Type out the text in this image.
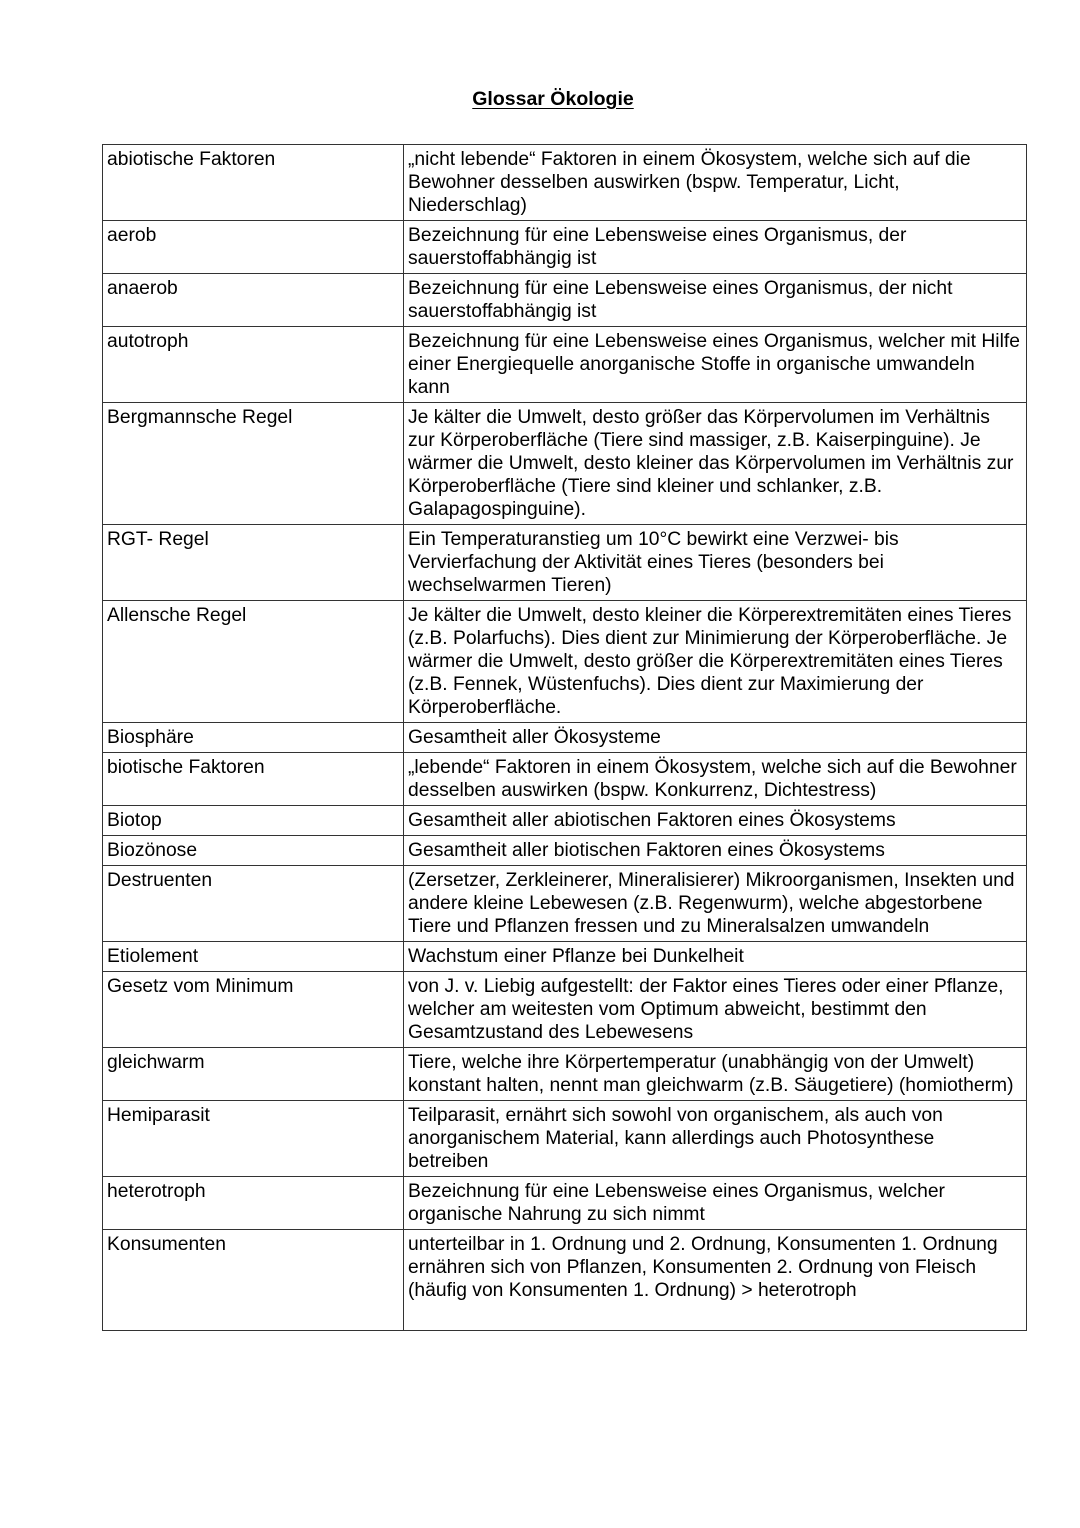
Glossar Ökologie
abiotische Faktoren	„nicht lebende“ Faktoren in einem Ökosystem, welche sich auf die Bewohner desselben auswirken (bspw. Temperatur, Licht, Niederschlag)
aerob	Bezeichnung für eine Lebensweise eines Organismus, der sauerstoffabhängig ist
anaerob	Bezeichnung für eine Lebensweise eines Organismus, der nicht sauerstoffabhängig ist
autotroph	Bezeichnung für eine Lebensweise eines Organismus, welcher mit Hilfe einer Energiequelle anorganische Stoffe in organische umwandeln kann
Bergmannsche Regel	Je kälter die Umwelt, desto größer das Körpervolumen im Verhältnis zur Körperoberfläche (Tiere sind massiger, z.B. Kaiserpinguine). Je wärmer die Umwelt, desto kleiner das Körpervolumen im Verhältnis zur Körperoberfläche (Tiere sind kleiner und schlanker, z.B. Galapagospinguine).
RGT- Regel	Ein Temperaturanstieg um 10°C bewirkt eine Verzwei- bis Vervierfachung der Aktivität eines Tieres (besonders bei wechselwarmen Tieren)
Allensche Regel	Je kälter die Umwelt, desto kleiner die Körperextremitäten eines Tieres (z.B. Polarfuchs). Dies dient zur Minimierung der Körperoberfläche. Je wärmer die Umwelt, desto größer die Körperextremitäten eines Tieres (z.B. Fennek, Wüstenfuchs). Dies dient zur Maximierung der Körperoberfläche.
Biosphäre	Gesamtheit aller Ökosysteme
biotische Faktoren	„lebende“ Faktoren in einem Ökosystem, welche sich auf die Bewohner desselben auswirken (bspw. Konkurrenz, Dichtestress)
Biotop	Gesamtheit aller abiotischen Faktoren eines Ökosystems
Biozönose	Gesamtheit aller biotischen Faktoren eines Ökosystems
Destruenten	(Zersetzer, Zerkleinerer, Mineralisierer) Mikroorganismen, Insekten und andere kleine Lebewesen (z.B. Regenwurm), welche abgestorbene Tiere und Pflanzen fressen und zu Mineralsalzen umwandeln
Etiolement	Wachstum einer Pflanze bei Dunkelheit
Gesetz vom Minimum	von J. v. Liebig aufgestellt: der Faktor eines Tieres oder einer Pflanze, welcher am weitesten vom Optimum abweicht, bestimmt den Gesamtzustand des Lebewesens
gleichwarm	Tiere, welche ihre Körpertemperatur (unabhängig von der Umwelt) konstant halten, nennt man gleichwarm (z.B. Säugetiere) (homiotherm)
Hemiparasit	Teilparasit, ernährt sich sowohl von organischem, als auch von anorganischem Material, kann allerdings auch Photosynthese betreiben
heterotroph	Bezeichnung für eine Lebensweise eines Organismus, welcher organische Nahrung zu sich nimmt
Konsumenten	unterteilbar in 1. Ordnung und 2. Ordnung, Konsumenten 1. Ordnung ernähren sich von Pflanzen, Konsumenten 2. Ordnung von Fleisch (häufig von Konsumenten 1. Ordnung) > heterotroph
